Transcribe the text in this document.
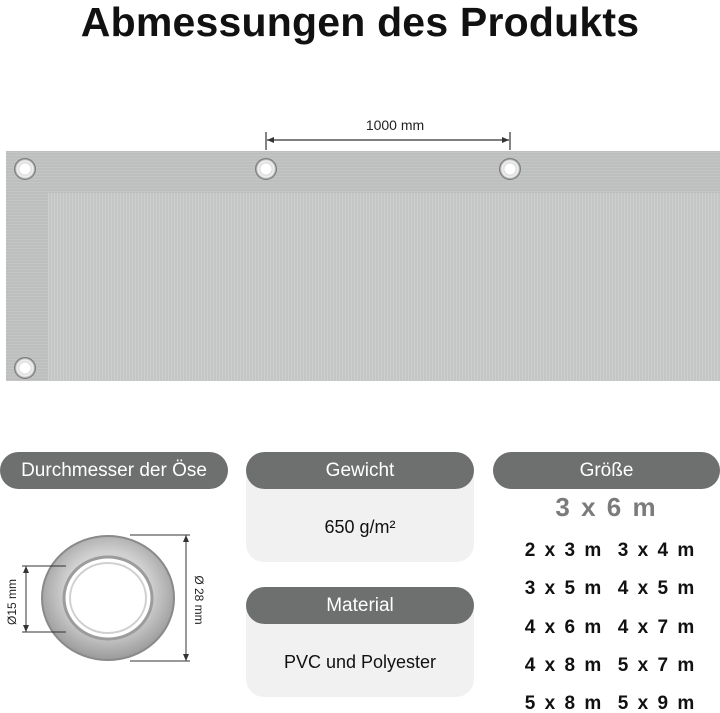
Abmessungen des Produkts
1000 mm
Durchmesser der Öse
Ø15 mm	Ø 28 mm
Gewicht
650 g/m²
Material
PVC und Polyester
Größe
3 x 6 m
2 x 3 m 3 x 4 m
3 x 5 m 4 x 5 m
4 x 6 m 4 x 7 m
4 x 8 m 5 x 7 m
5 x 8 m 5 x 9 m
